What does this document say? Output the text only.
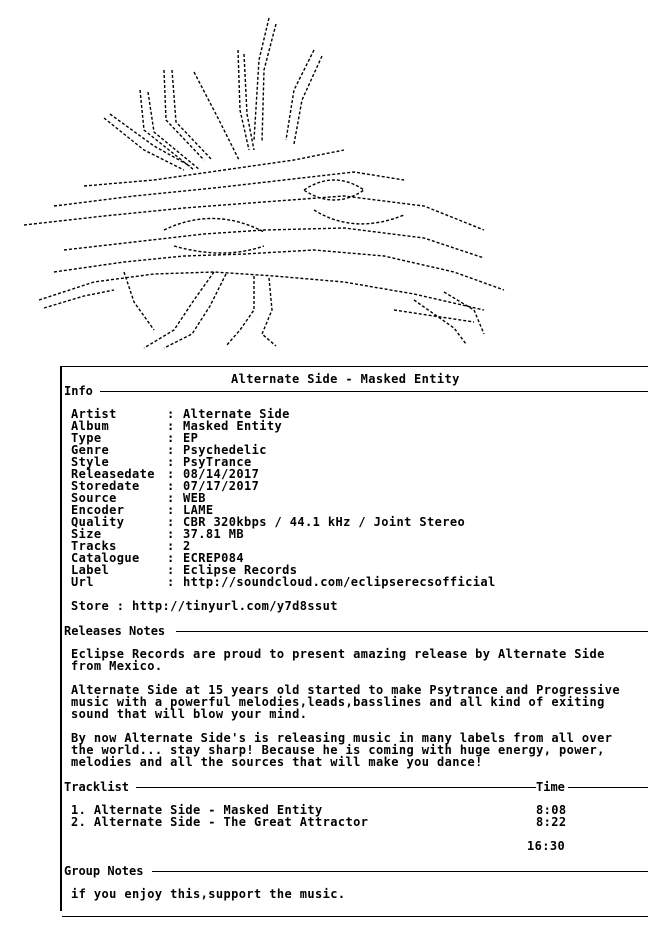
Alternate Side - Masked Entity
Info
Releases Notes
Tracklist	Time
Group Notes
Artist	: Alternate Side
Album	: Masked Entity
Type	: EP
Genre	: Psychedelic
Style	: PsyTrance
Releasedate : 08/14/2017
Storedate : 07/17/2017
Source	: WEB
Encoder	: LAME
Quality	: CBR 320kbps / 44.1 kHz / Joint Stereo
Size	: 37.81 MB
Tracks	: 2
Catalogue : ECREP084
Label	: Eclipse Records
Url	: http://soundcloud.com/eclipserecsofficial
Store : http://tinyurl.com/y7d8ssut
Eclipse Records are proud to present amazing release by Alternate Side
from Mexico.
Alternate Side at 15 years old started to make Psytrance and Progressive
music with a powerful melodies,leads,basslines and all kind of exiting
sound that will blow your mind.
By now Alternate Side's is releasing music in many labels from all over
the world... stay sharp! Because he is coming with huge energy, power,
melodies and all the sources that will make you dance!
1. Alternate Side - Masked Entity	8:08
2. Alternate Side - The Great Attractor	8:22
16:30
if you enjoy this,support the music.
